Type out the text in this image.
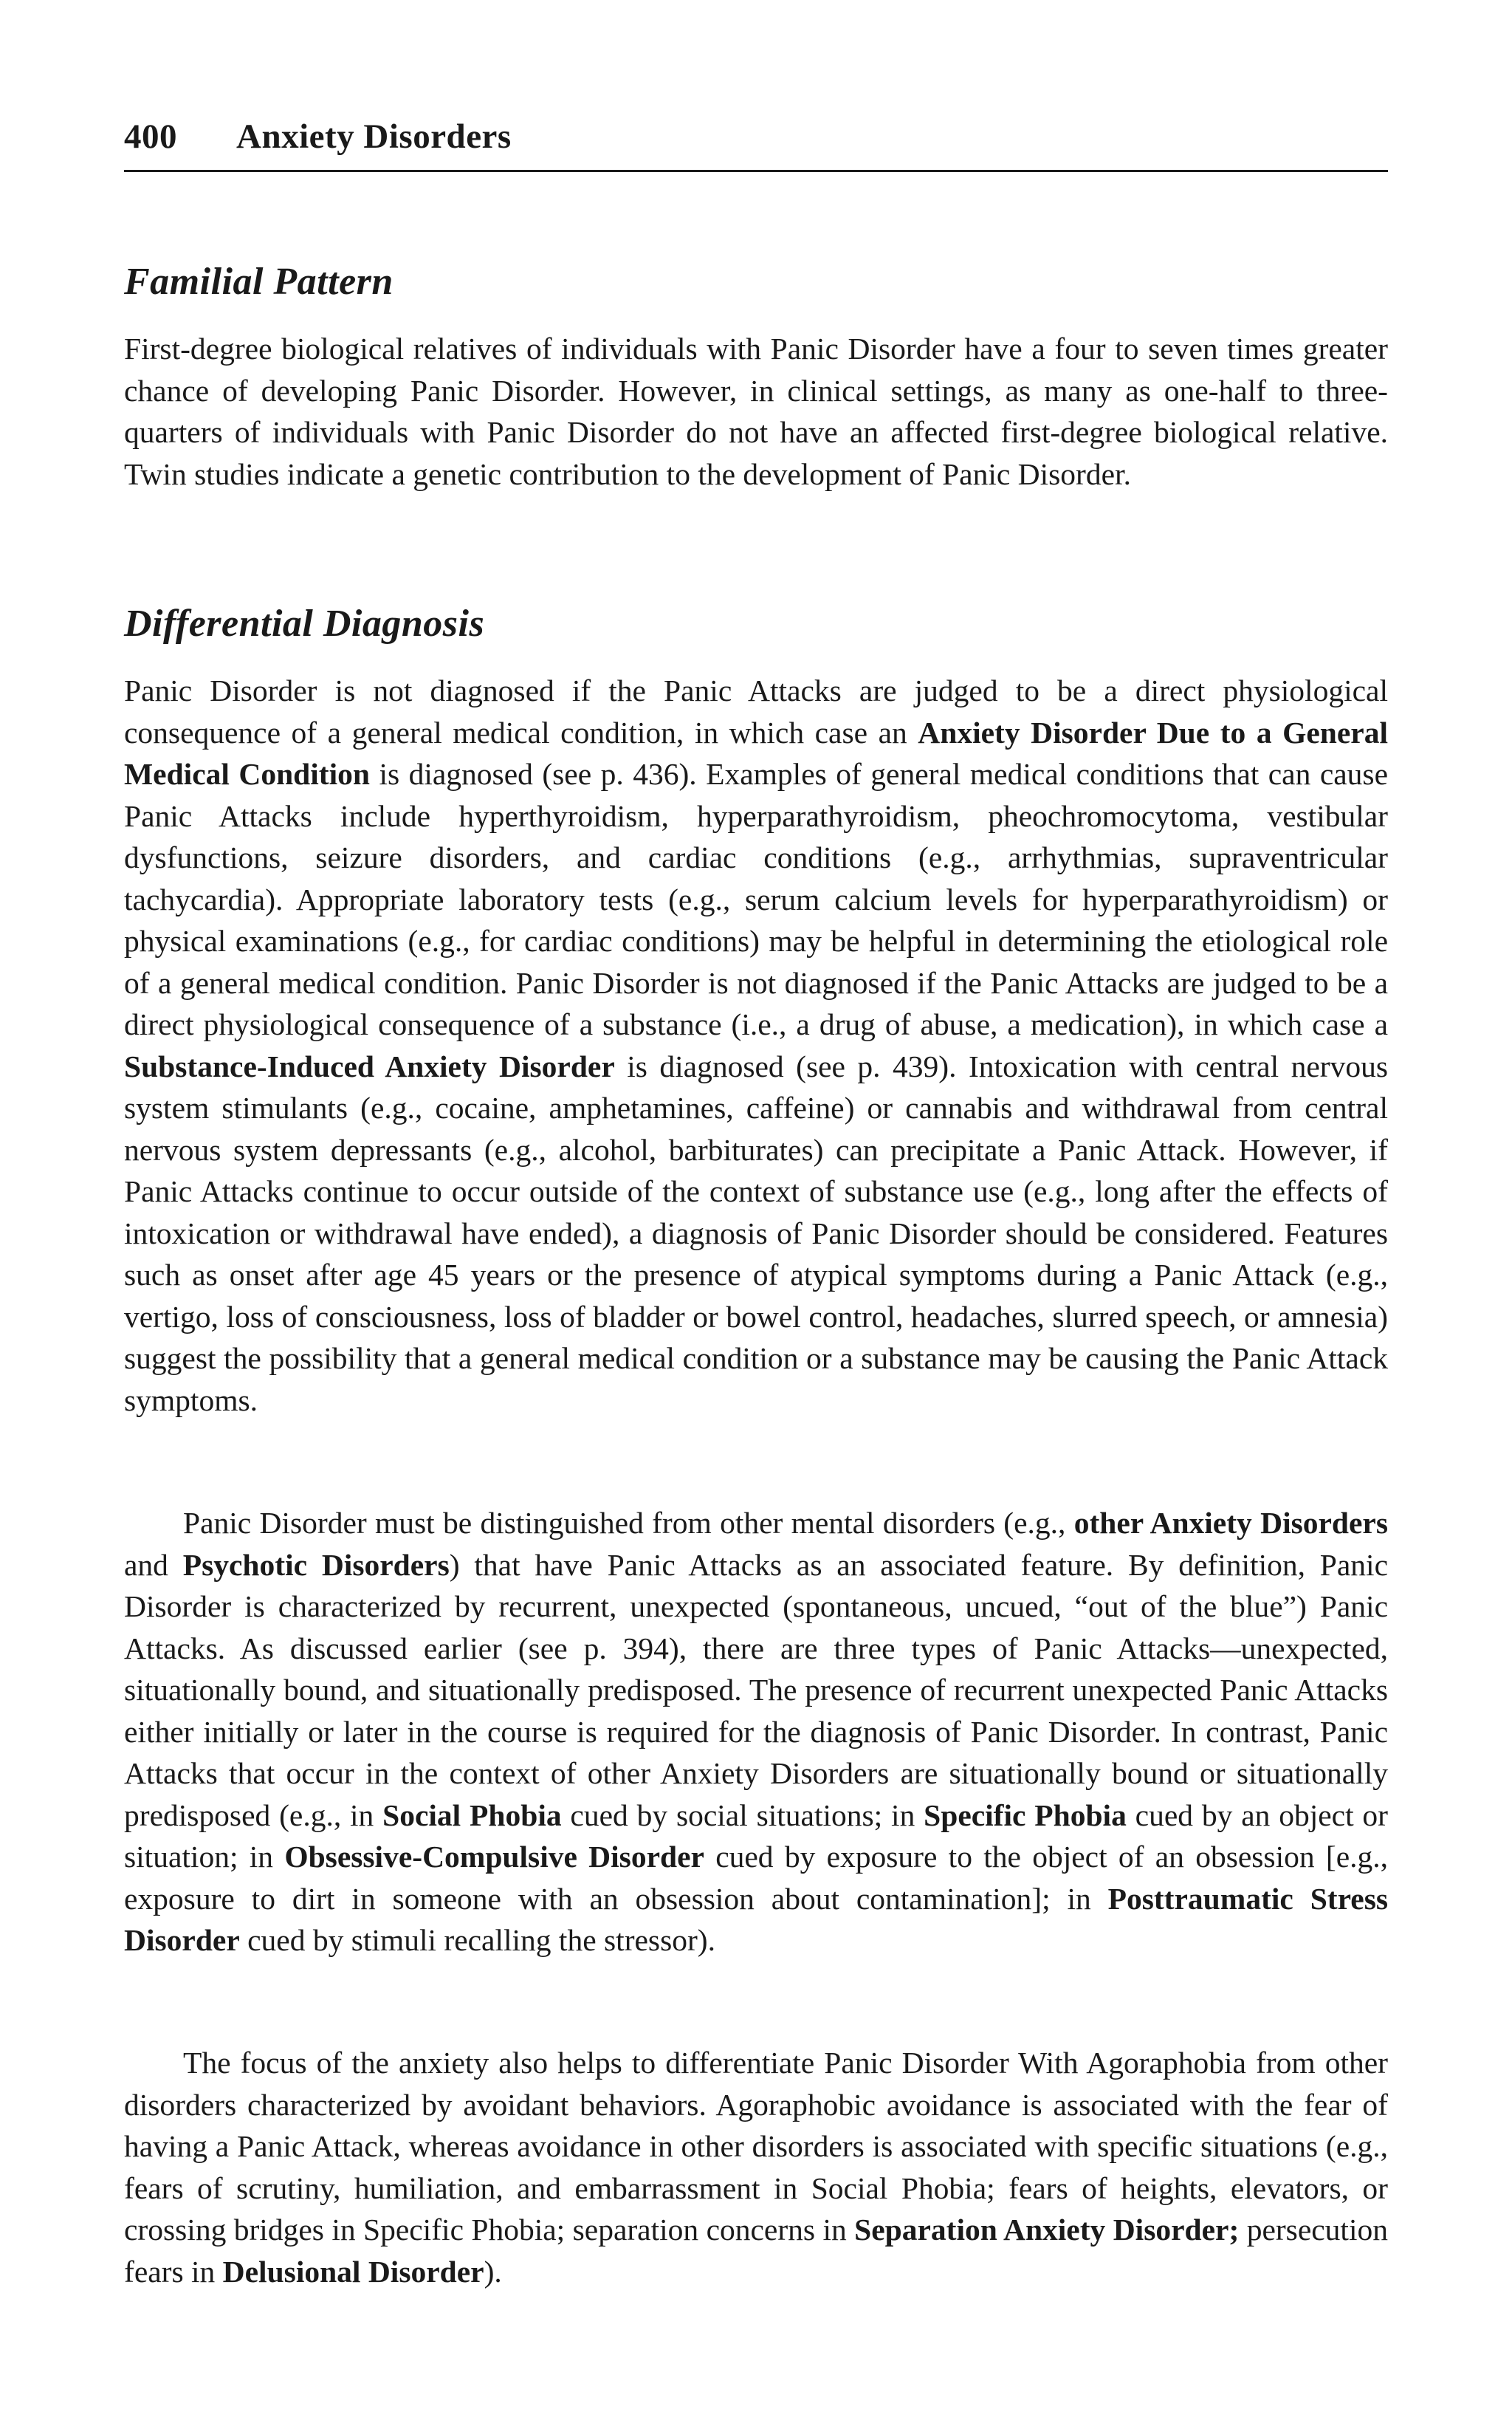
400 Anxiety Disorders
Familial Pattern

First-degree biological relatives of individuals with Panic Disorder have a four to seven times greater chance of developing Panic Disorder. However, in clinical settings, as many as one-half to three-quarters of individuals with Panic Disorder do not have an affected first-degree biological relative. Twin studies indicate a genetic contribution to the development of Panic Disorder.

Differential Diagnosis

Panic Disorder is not diagnosed if the Panic Attacks are judged to be a direct physiological consequence of a general medical condition, in which case an Anxiety Disorder Due to a General Medical Condition is diagnosed (see p. 436). Examples of general medical conditions that can cause Panic Attacks include hyperthyroidism, hyperparathyroidism, pheochromocytoma, vestibular dysfunctions, seizure disorders, and cardiac conditions (e.g., arrhythmias, supraventricular tachycardia). Appropriate laboratory tests (e.g., serum calcium levels for hyperparathyroidism) or physical examinations (e.g., for cardiac conditions) may be helpful in determining the etiological role of a general medical condition. Panic Disorder is not diagnosed if the Panic Attacks are judged to be a direct physiological consequence of a substance (i.e., a drug of abuse, a medication), in which case a Substance-Induced Anxiety Disorder is diagnosed (see p. 439). Intoxication with central nervous system stimulants (e.g., cocaine, amphetamines, caffeine) or cannabis and withdrawal from central nervous system depressants (e.g., alcohol, barbiturates) can precipitate a Panic Attack. However, if Panic Attacks continue to occur outside of the context of substance use (e.g., long after the effects of intoxication or withdrawal have ended), a diagnosis of Panic Disorder should be considered. Features such as onset after age 45 years or the presence of atypical symptoms during a Panic Attack (e.g., vertigo, loss of consciousness, loss of bladder or bowel control, headaches, slurred speech, or amnesia) suggest the possibility that a general medical condition or a substance may be causing the Panic Attack symptoms.

Panic Disorder must be distinguished from other mental disorders (e.g., other Anxiety Disorders and Psychotic Disorders) that have Panic Attacks as an associated feature. By definition, Panic Disorder is characterized by recurrent, unexpected (spontaneous, uncued, “out of the blue”) Panic Attacks. As discussed earlier (see p. 394), there are three types of Panic Attacks—unexpected, situationally bound, and situationally predisposed. The presence of recurrent unexpected Panic Attacks either initially or later in the course is required for the diagnosis of Panic Disorder. In contrast, Panic Attacks that occur in the context of other Anxiety Disorders are situationally bound or situationally predisposed (e.g., in Social Phobia cued by social situations; in Specific Phobia cued by an object or situation; in Obsessive-Compulsive Disorder cued by exposure to the object of an obsession [e.g., exposure to dirt in someone with an obsession about contamination]; in Posttraumatic Stress Disorder cued by stimuli recalling the stressor).

The focus of the anxiety also helps to differentiate Panic Disorder With Agoraphobia from other disorders characterized by avoidant behaviors. Agoraphobic avoidance is associated with the fear of having a Panic Attack, whereas avoidance in other disorders is associated with specific situations (e.g., fears of scrutiny, humiliation, and embarrassment in Social Phobia; fears of heights, elevators, or crossing bridges in Specific Phobia; separation concerns in Separation Anxiety Disorder; persecution fears in Delusional Disorder).
